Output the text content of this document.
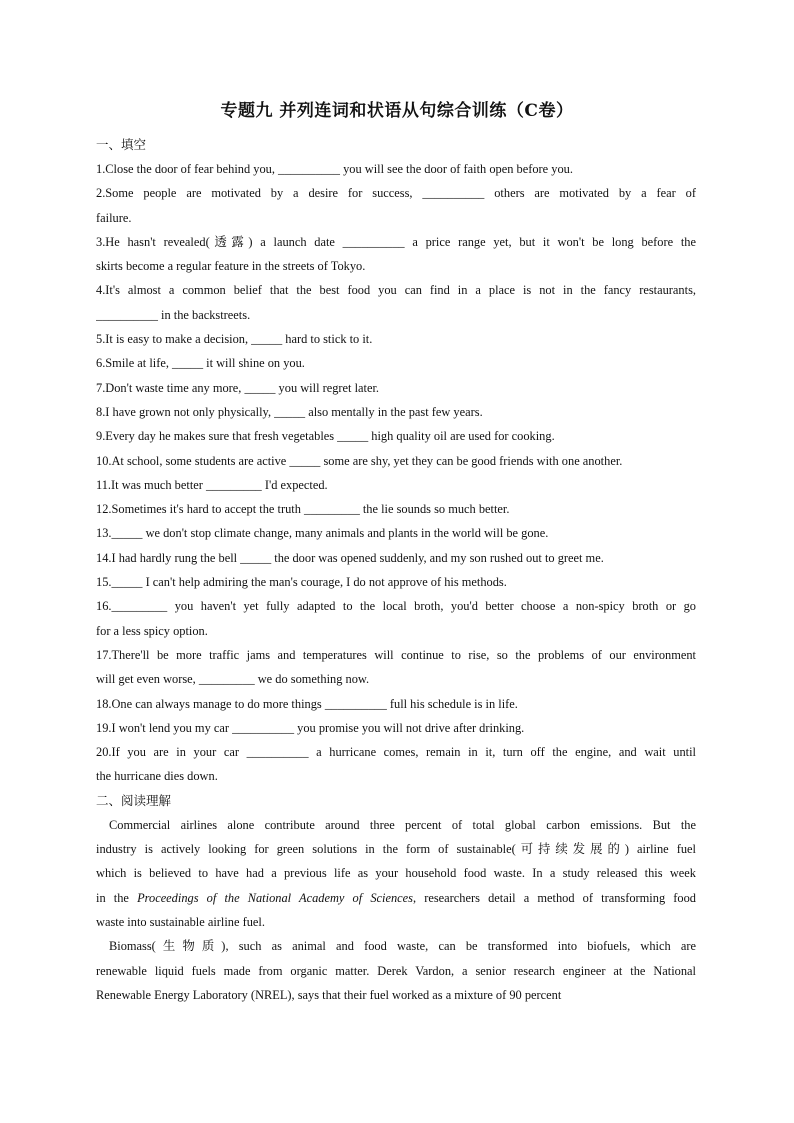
专题九 并列连词和状语从句综合训练（C卷）
一、填空
1.Close the door of fear behind you, __________ you will see the door of faith open before you.
2.Some people are motivated by a desire for success, __________ others are motivated by a fear of
failure.
3.He hasn't revealed(透露) a launch date __________ a price range yet, but it won't be long before the
skirts become a regular feature in the streets of Tokyo.
4.It's almost a common belief that the best food you can find in a place is not in the fancy restaurants,
__________ in the backstreets.
5.It is easy to make a decision, _____ hard to stick to it.
6.Smile at life, _____ it will shine on you.
7.Don't waste time any more, _____ you will regret later.
8.I have grown not only physically, _____ also mentally in the past few years.
9.Every day he makes sure that fresh vegetables _____ high quality oil are used for cooking.
10.At school, some students are active _____ some are shy, yet they can be good friends with one another.
11.It was much better _________ I'd expected.
12.Sometimes it's hard to accept the truth _________ the lie sounds so much better.
13._____ we don't stop climate change, many animals and plants in the world will be gone.
14.I had hardly rung the bell _____ the door was opened suddenly, and my son rushed out to greet me.
15._____ I can't help admiring the man's courage, I do not approve of his methods.
16._________ you haven't yet fully adapted to the local broth, you'd better choose a non-spicy broth or go
for a less spicy option.
17.There'll be more traffic jams and temperatures will continue to rise, so the problems of our environment
will get even worse, _________ we do something now.
18.One can always manage to do more things __________ full his schedule is in life.
19.I won't lend you my car __________ you promise you will not drive after drinking.
20.If you are in your car __________ a hurricane comes, remain in it, turn off the engine, and wait until
the hurricane dies down.
二、阅读理解
Commercial airlines alone contribute around three percent of total global carbon emissions. But the
industry is actively looking for green solutions in the form of sustainable(可持续发展的) airline fuel
which is believed to have had a previous life as your household food waste. In a study released this week
in the Proceedings of the National Academy of Sciences, researchers detail a method of transforming food
waste into sustainable airline fuel.
Biomass(生物质), such as animal and food waste, can be transformed into biofuels, which are
renewable liquid fuels made from organic matter. Derek Vardon, a senior research engineer at the National
Renewable Energy Laboratory (NREL), says that their fuel worked as a mixture of 90 percent
